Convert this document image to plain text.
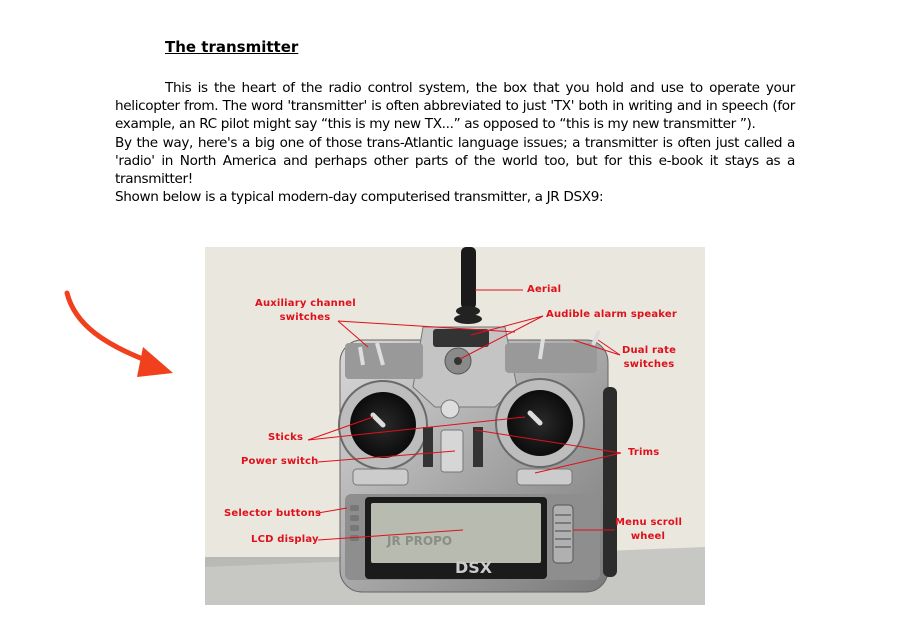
The transmitter

This is the heart of the radio control system, the box that you hold and use to operate your helicopter from. The word 'transmitter' is often abbreviated to just 'TX' both in writing and in speech (for example, an RC pilot might say “this is my new TX...” as opposed to “this is my new transmitter ”).

By the way, here's a big one of those trans-Atlantic language issues; a transmitter is often just called a 'radio' in North America and perhaps other parts of the world too, but for this e-book it stays as a transmitter!

Shown below is a typical modern-day computerised transmitter, a JR DSX9:

DSX
JR PROPO
Aerial
Auxiliary channel
switches	Audible alarm speaker
Dual rate
switches
Sticks
Power switch
Trims
Selector buttons
LCD display
Menu scroll
wheel
